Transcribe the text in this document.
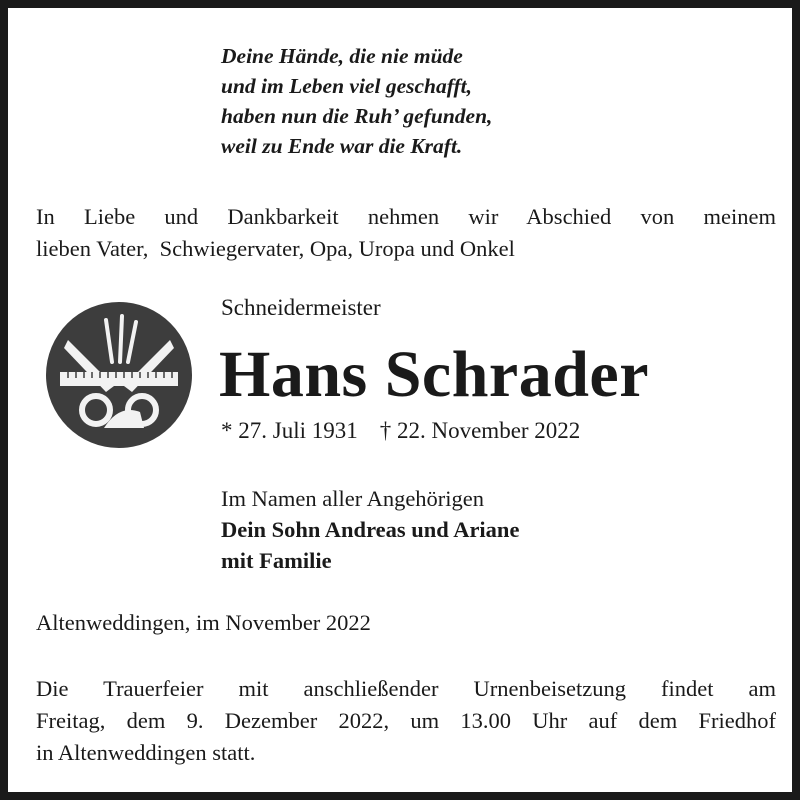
Deine Hände, die nie müde
und im Leben viel geschafft,
haben nun die Ruh’ gefunden,
weil zu Ende war die Kraft.
In Liebe und Dankbarkeit nehmen wir Abschied von meinem
lieben Vater,  Schwiegervater, Opa, Uropa und Onkel
Schneidermeister
Hans Schrader
* 27. Juli 1931 † 22. November 2022
Im Namen aller Angehörigen
Dein Sohn Andreas und Ariane
mit Familie
Altenweddingen, im November 2022
Die Trauerfeier mit anschließender Urnenbeisetzung findet am
Freitag, dem 9. Dezember 2022, um 13.00 Uhr auf dem Friedhof
in Altenweddingen statt.
